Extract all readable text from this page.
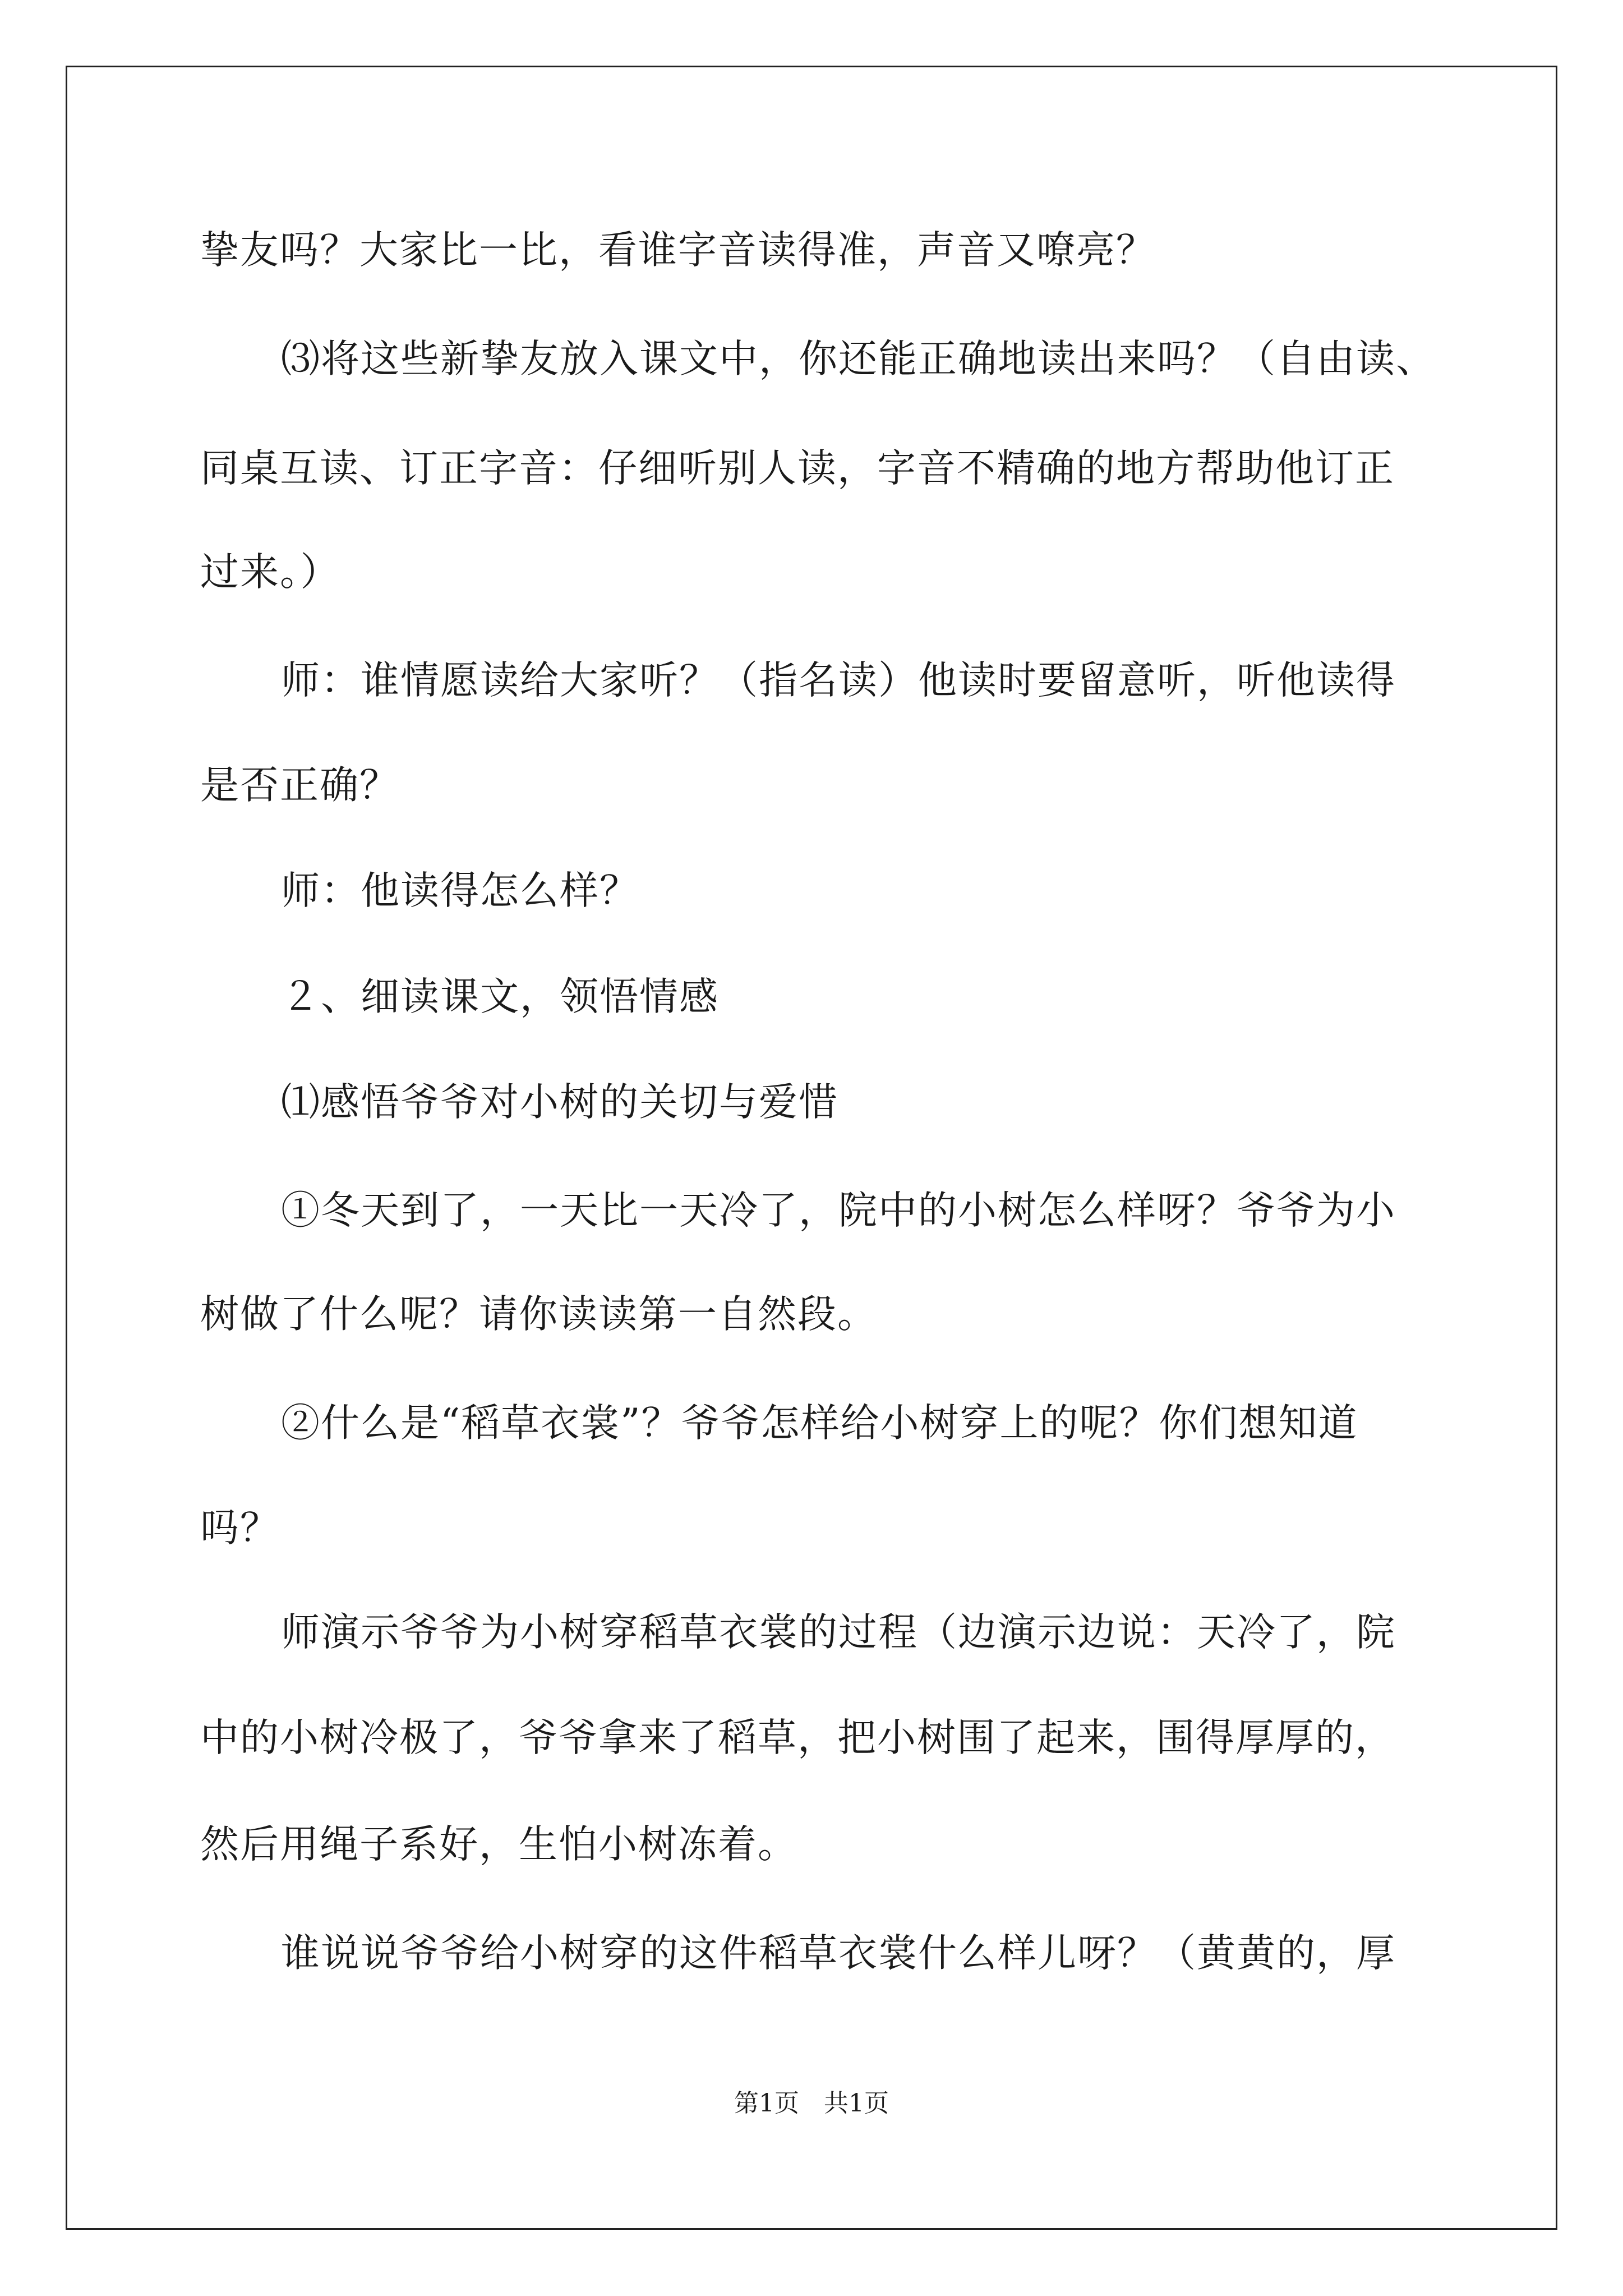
挚友吗？大家比一比，看谁字音读得准，声音又嘹亮？
⑶将这些新挚友放入课文中，你还能正确地读出来吗？（自由读、
同桌互读、订正字音：仔细听别人读，字音不精确的地方帮助他订正
过来。）
师：谁情愿读给大家听？（指名读）他读时要留意听，听他读得
是否正确？
师：他读得怎么样？
２、细读课文，领悟情感
⑴感悟爷爷对小树的关切与爱惜
①冬天到了，一天比一天冷了，院中的小树怎么样呀？爷爷为小
树做了什么呢？请你读读第一自然段。
②什么是“稻草衣裳”？爷爷怎样给小树穿上的呢？你们想知道
吗？
师演示爷爷为小树穿稻草衣裳的过程（边演示边说：天冷了，院
中的小树冷极了，爷爷拿来了稻草，把小树围了起来，围得厚厚的，
然后用绳子系好，生怕小树冻着。
谁说说爷爷给小树穿的这件稻草衣裳什么样儿呀？（黄黄的，厚
第1页　共1页
